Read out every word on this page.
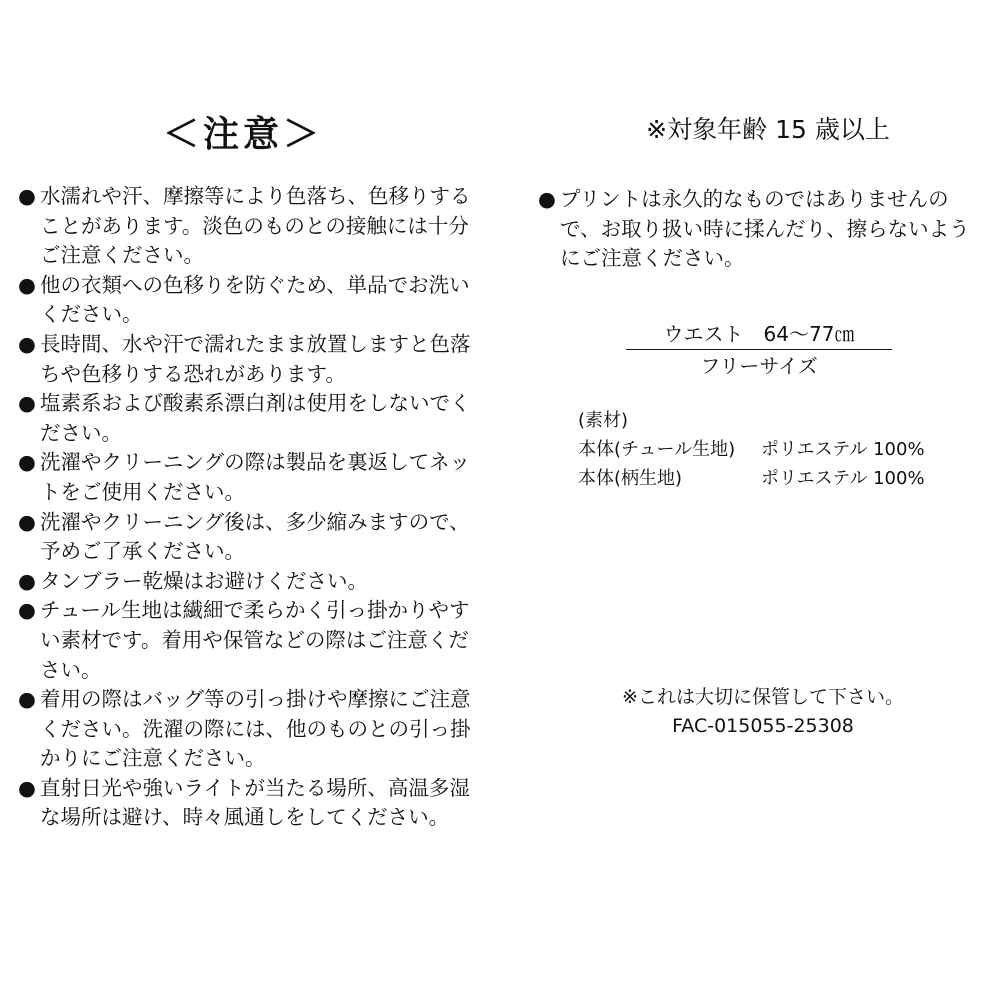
＜注意＞
● 水濡れや汗、摩擦等により色落ち、色移りすることがあります。淡色のものとの接触には十分ご注意ください。
● 他の衣類への色移りを防ぐため、単品でお洗いください。
● 長時間、水や汗で濡れたまま放置しますと色落ちや色移りする恐れがあります。
● 塩素系および酸素系漂白剤は使用をしないでください。
● 洗濯やクリーニングの際は製品を裏返してネットをご使用ください。
● 洗濯やクリーニング後は、多少縮みますので、予めご了承ください。
● タンブラー乾燥はお避けください。
● チュール生地は繊細で柔らかく引っ掛かりやすい素材です。着用や保管などの際はご注意ください。
● 着用の際はバッグ等の引っ掛けや摩擦にご注意ください。洗濯の際には、他のものとの引っ掛かりにご注意ください。
● 直射日光や強いライトが当たる場所、高温多湿な場所は避け、時々風通しをしてください。
※対象年齢 15 歳以上
● プリントは永久的なものではありませんので、お取り扱い時に揉んだり、擦らないようにご注意ください。
ウエスト　64〜77㎝
フリーサイズ
(素材)
本体(チュール生地)	ポリエステル 100%
本体(柄生地)	ポリエステル 100%
※これは大切に保管して下さい。
FAC-015055-25308
